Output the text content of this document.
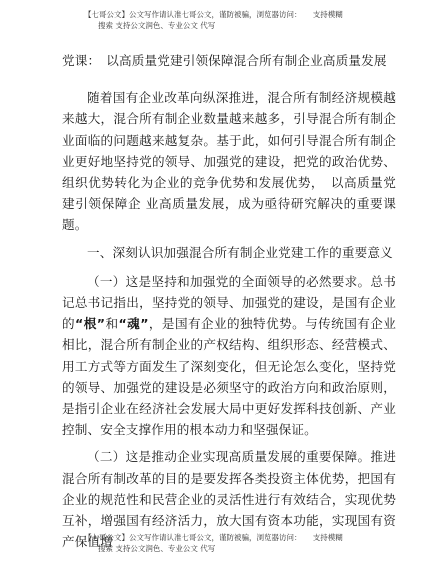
【七哥公文】公文写作请认准七哥公文，谨防被骗，浏览器访问：　　支持模糊
搜索 支持公文润色、专业公文 代写
党课： 以高质量党建引领保障混合所有制企业高质量发展

随着国有企业改革向纵深推进，混合所有制经济规模越来越大，混合所有制企业数量越来越多，引导混合所有制企业面临的问题越来越复杂。基于此，如何引导混合所有制企业更好地坚持党的领导、加强党的建设，把党的政治优势、组织优势转化为企业的竞争优势和发展优势，　以高质量党建引领保障企 业高质量发展，成为亟待研究解决的重要课题。

一、深刻认识加强混合所有制企业党建工作的重要意义

（一）这是坚持和加强党的全面领导的必然要求。总书记总书记指出，坚持党的领导、加强党的建设，是国有企业的“根”和“魂”，是国有企业的独特优势。与传统国有企业相比，混合所有制企业的产权结构、组织形态、经营模式、用工方式等方面发生了深刻变化，但无论怎么变化，坚持党的领导、加强党的建设是必须坚守的政治方向和政治原则，是指引企业在经济社会发展大局中更好发挥科技创新、产业控制、安全支撑作用的根本动力和坚强保证。

（二）这是推动企业实现高质量发展的重要保障。推进混合所有制改革的目的是要发挥各类投资主体优势，把国有企业的规范性和民营企业的灵活性进行有效结合，实现优势互补，增强国有经济活力，放大国有资本功能，实现国有资产保值增

【七哥公文】公文写作请认准七哥公文，谨防被骗，浏览器访问：　　支持模糊
搜索 支持公文润色、专业公文 代写
